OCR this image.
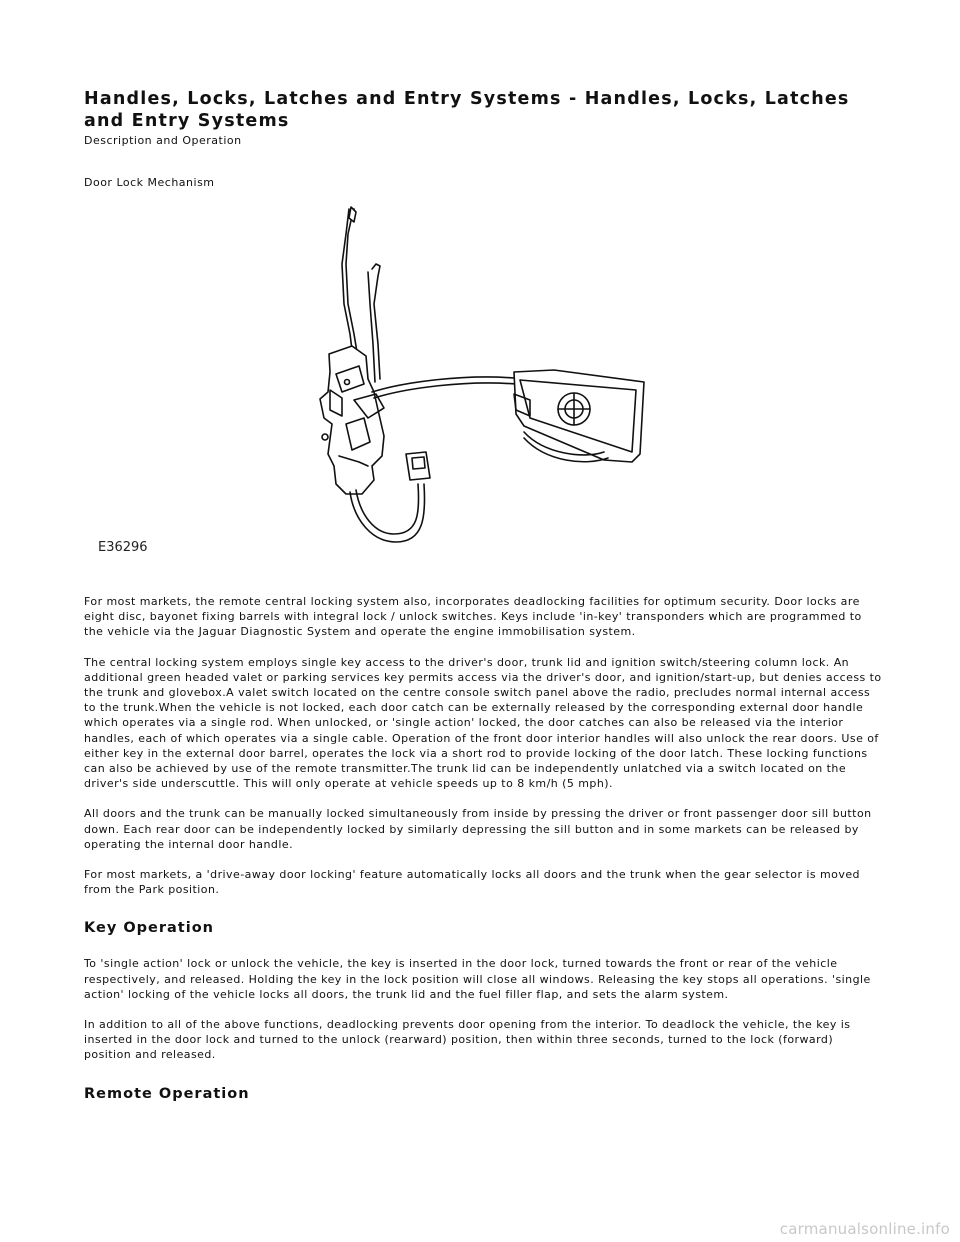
Handles, Locks, Latches and Entry Systems - Handles, Locks, Latches and Entry Systems
Description and Operation
Door Lock Mechanism
E36296

For most markets, the remote central locking system also, incorporates deadlocking facilities for optimum security. Door locks are eight disc, bayonet fixing barrels with integral lock / unlock switches. Keys include 'in-key' transponders which are programmed to the vehicle via the Jaguar Diagnostic System and operate the engine immobilisation system.

The central locking system employs single key access to the driver's door, trunk lid and ignition switch/steering column lock. An additional green headed valet or parking services key permits access via the driver's door, and ignition/start-up, but denies access to the trunk and glovebox.A valet switch located on the centre console switch panel above the radio, precludes normal internal access to the trunk.When the vehicle is not locked, each door catch can be externally released by the corresponding external door handle which operates via a single rod. When unlocked, or 'single action' locked, the door catches can also be released via the interior handles, each of which operates via a single cable. Operation of the front door interior handles will also unlock the rear doors. Use of either key in the external door barrel, operates the lock via a short rod to provide locking of the door latch. These locking functions can also be achieved by use of the remote transmitter.The trunk lid can be independently unlatched via a switch located on the driver's side underscuttle. This will only operate at vehicle speeds up to 8 km/h (5 mph).

All doors and the trunk can be manually locked simultaneously from inside by pressing the driver or front passenger door sill button down. Each rear door can be independently locked by similarly depressing the sill button and in some markets can be released by operating the internal door handle.

For most markets, a 'drive-away door locking' feature automatically locks all doors and the trunk when the gear selector is moved from the Park position.

Key Operation

To 'single action' lock or unlock the vehicle, the key is inserted in the door lock, turned towards the front or rear of the vehicle respectively, and released. Holding the key in the lock position will close all windows. Releasing the key stops all operations. 'single action' locking of the vehicle locks all doors, the trunk lid and the fuel filler flap, and sets the alarm system.

In addition to all of the above functions, deadlocking prevents door opening from the interior. To deadlock the vehicle, the key is inserted in the door lock and turned to the unlock (rearward) position, then within three seconds, turned to the lock (forward) position and released.

Remote Operation
carmanualsonline.info
